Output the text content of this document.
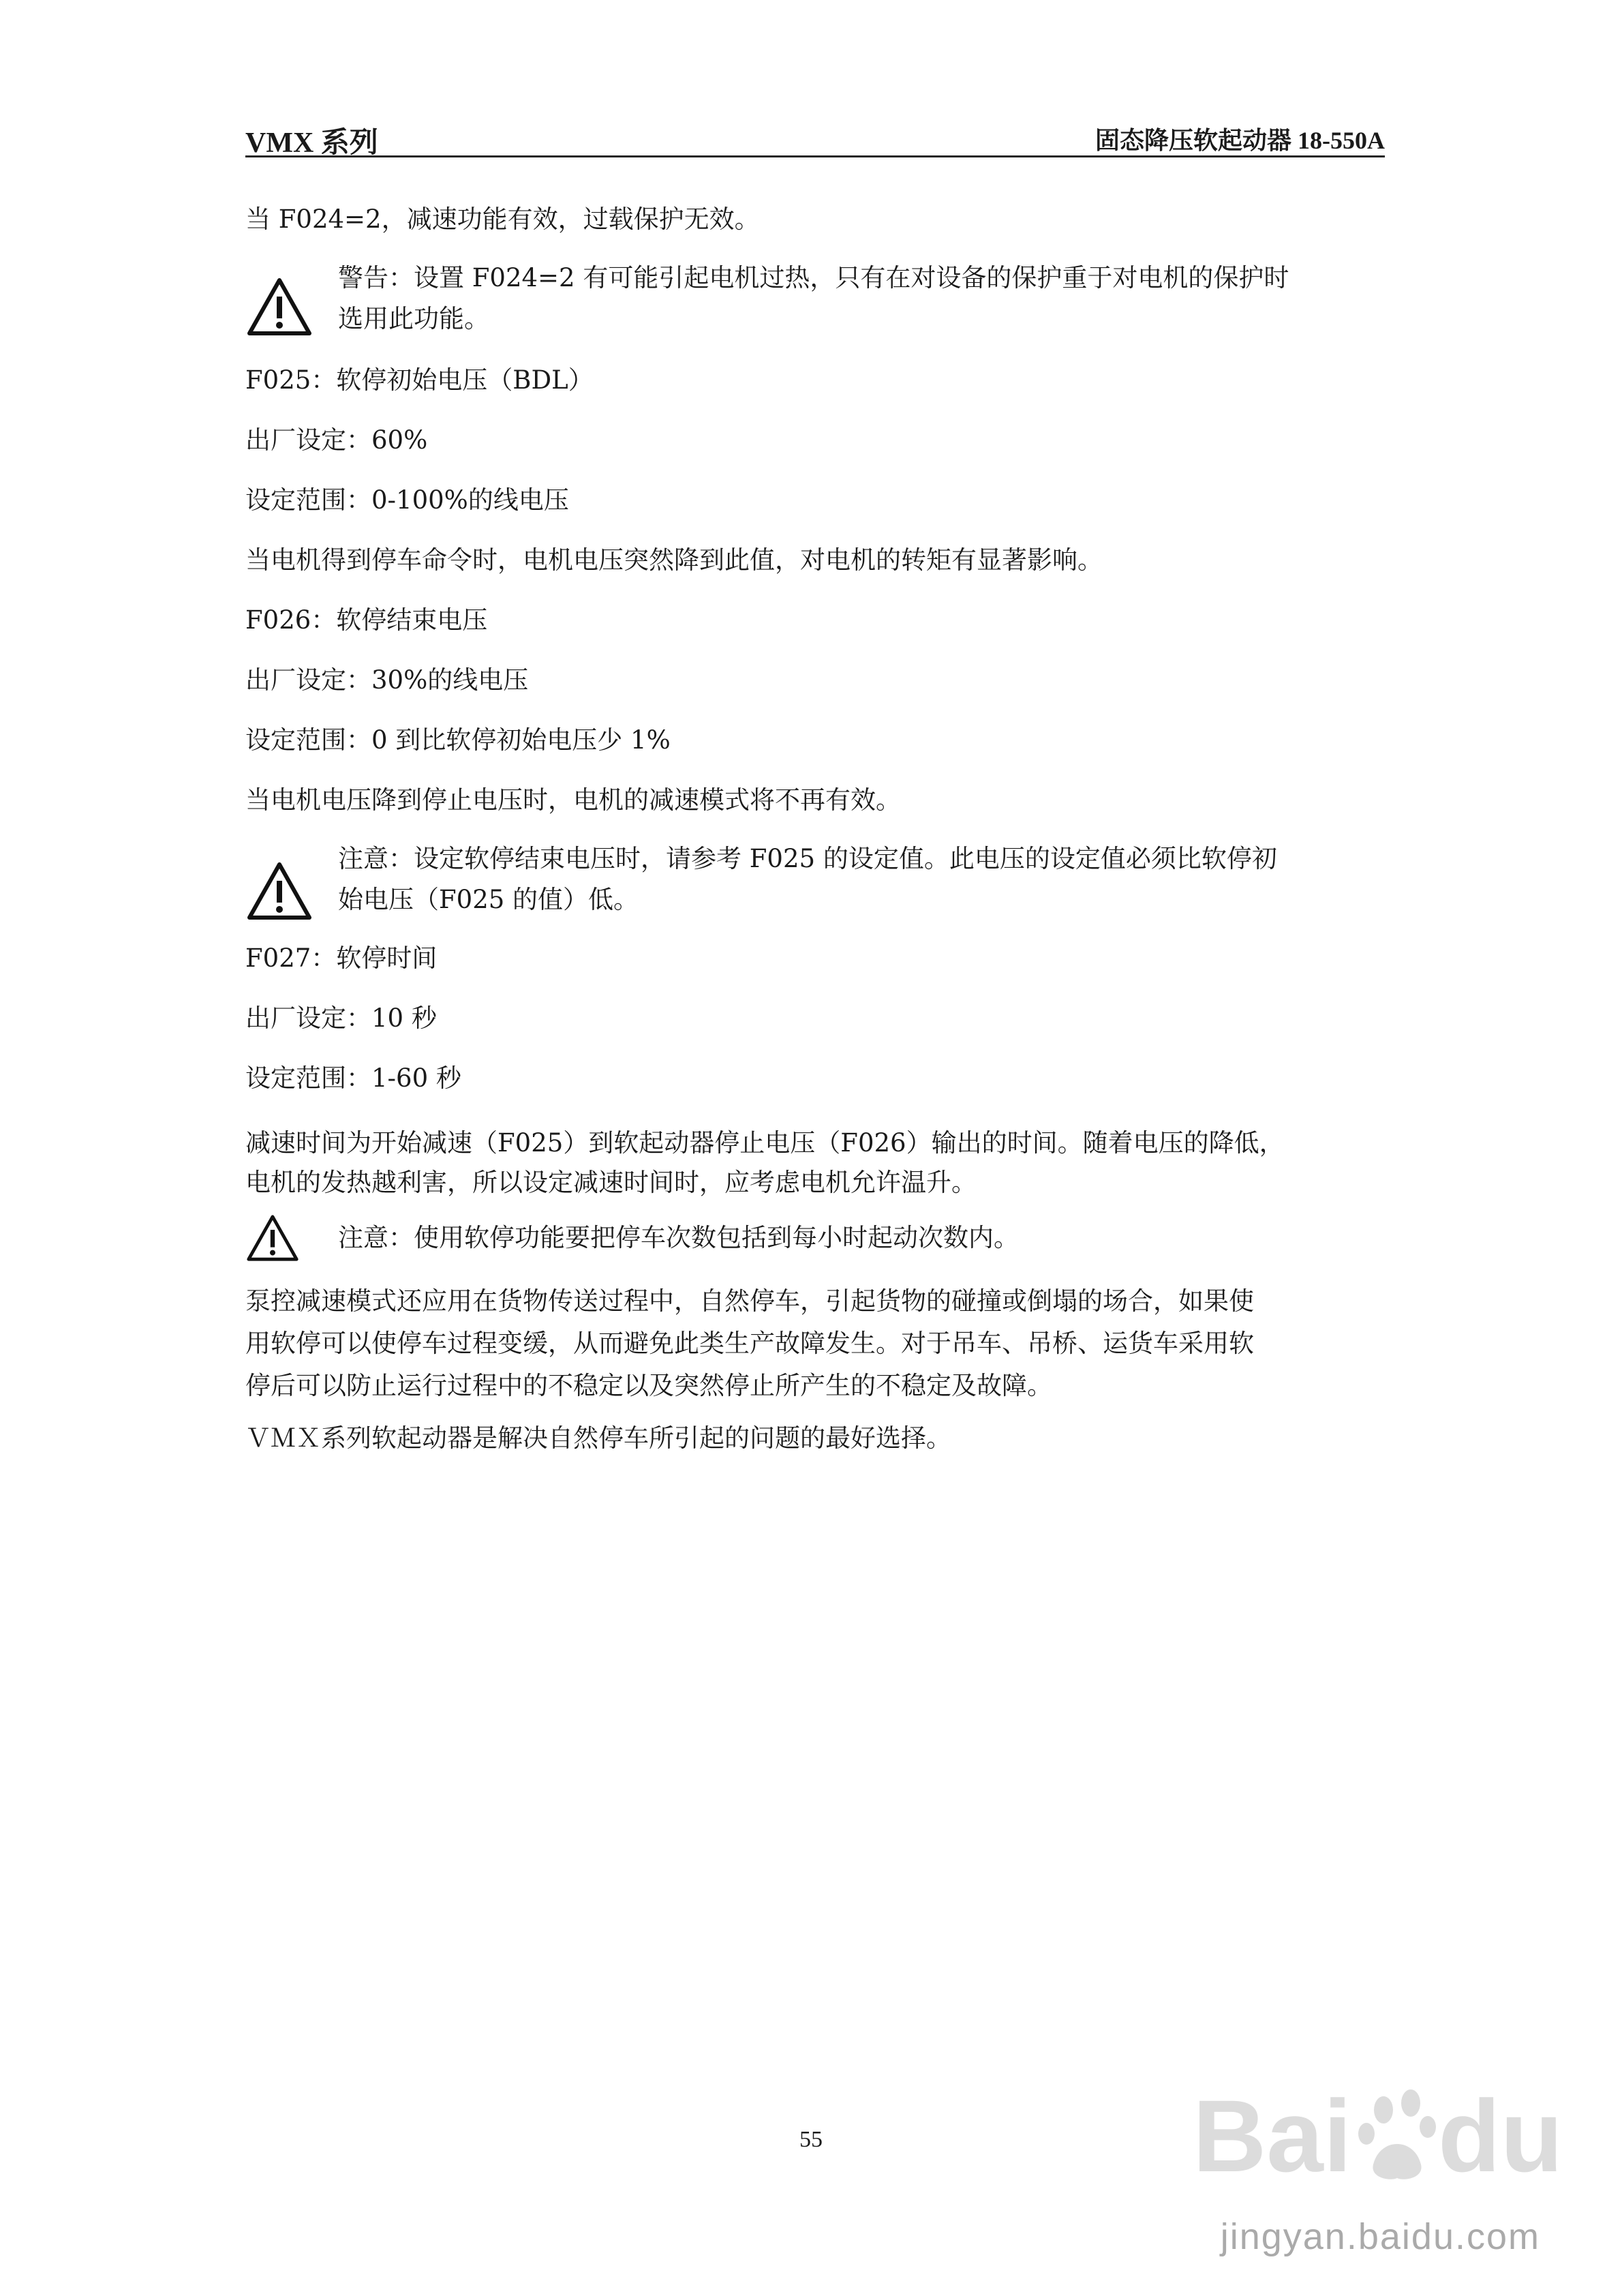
VMX 系列	固态降压软起动器 18-550A
当 F024=2，减速功能有效，过载保护无效。
警告：设置 F024=2 有可能引起电机过热，只有在对设备的保护重于对电机的保护时
选用此功能。
F025：软停初始电压（BDL）
出厂设定：60%
设定范围：0-100%的线电压
当电机得到停车命令时，电机电压突然降到此值，对电机的转矩有显著影响。
F026：软停结束电压
出厂设定：30%的线电压
设定范围：0 到比软停初始电压少 1%
当电机电压降到停止电压时，电机的减速模式将不再有效。
注意：设定软停结束电压时，请参考 F025 的设定值。此电压的设定值必须比软停初
始电压（F025 的值）低。
F027：软停时间
出厂设定：10 秒
设定范围：1-60 秒
减速时间为开始减速（F025）到软起动器停止电压（F026）输出的时间。随着电压的降低，
电机的发热越利害，所以设定减速时间时，应考虑电机允许温升。
注意：使用软停功能要把停车次数包括到每小时起动次数内。
泵控减速模式还应用在货物传送过程中，自然停车，引起货物的碰撞或倒塌的场合，如果使
用软停可以使停车过程变缓，从而避免此类生产故障发生。对于吊车、吊桥、运货车采用软
停后可以防止运行过程中的不稳定以及突然停止所产生的不稳定及故障。
ＶＭＸ系列软起动器是解决自然停车所引起的问题的最好选择。
55	Bai du
jingyan.baidu.com
